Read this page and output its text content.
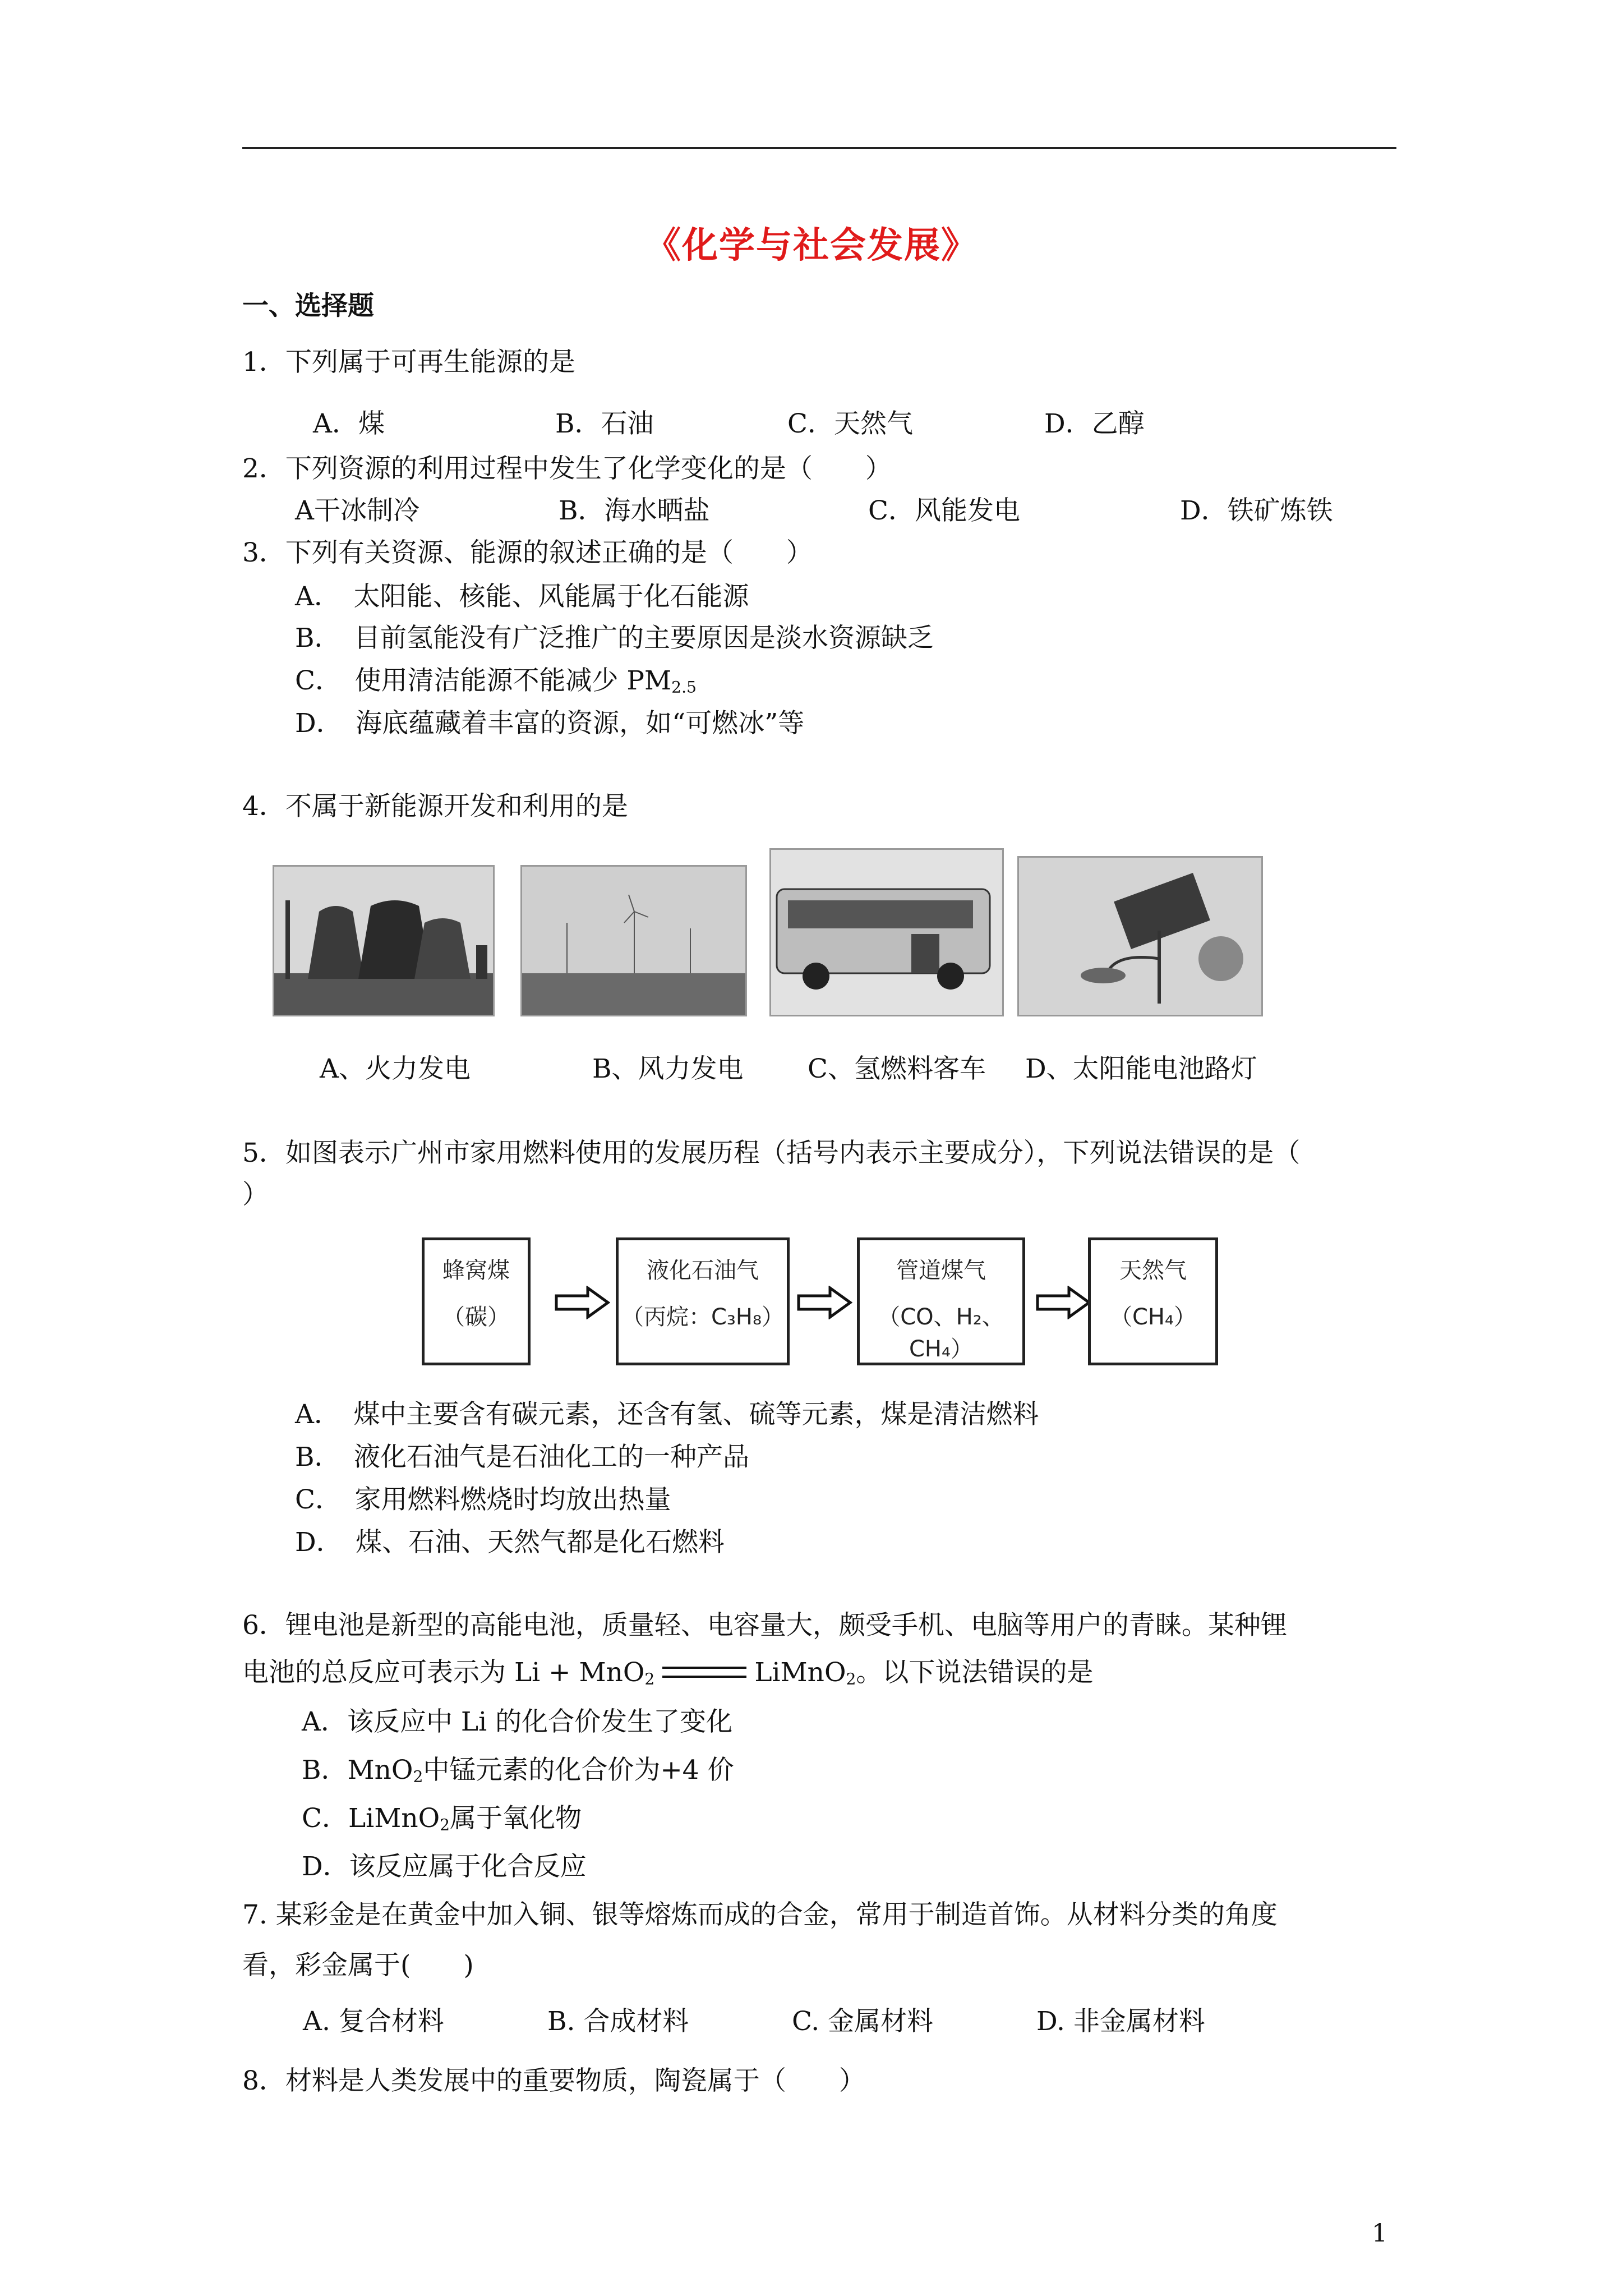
《化学与社会发展》
一、选择题
1．下列属于可再生能源的是
A．煤	B．石油	C．天然气	D．乙醇
2．下列资源的利用过程中发生了化学变化的是（　　）
A干冰制冷	B．海水晒盐	C．风能发电	D．铁矿炼铁
3．下列有关资源、能源的叙述正确的是（　　）
A．　太阳能、核能、风能属于化石能源
B．　目前氢能没有广泛推广的主要原因是淡水资源缺乏
C．　使用清洁能源不能减少 $PM_{2.5}$
D．　海底蕴藏着丰富的资源，如“可燃冰”等
4．不属于新能源开发和利用的是
A、火力发电	B、风力发电 C、氢燃料客车 D、太阳能电池路灯
5．如图表示广州市家用燃料使用的发展历程（括号内表示主要成分），下列说法错误的是（
）
蜂窝煤
（碳）
液化石油气
（丙烷：C₃H₈）
管道煤气
（CO、H₂、CH₄）
天然气
（CH₄）
A．　煤中主要含有碳元素，还含有氢、硫等元素，煤是清洁燃料
B．　液化石油气是石油化工的一种产品
C．　家用燃料燃烧时均放出热量
D．　煤、石油、天然气都是化石燃料
6．锂电池是新型的高能电池，质量轻、电容量大，颇受手机、电脑等用户的青睐。某种锂
电池的总反应可表示为 Li + MnO$_2$	LiMnO$_2$。以下说法错误的是
A．该反应中 Li 的化合价发生了变化
B．MnO$_2$中锰元素的化合价为+4 价
C．LiMnO$_2$属于氧化物
D．该反应属于化合反应
7. 某彩金是在黄金中加入铜、银等熔炼而成的合金，常用于制造首饰。从材料分类的角度
看，彩金属于(　　)
A. 复合材料	B. 合成材料	C. 金属材料	D. 非金属材料
8．材料是人类发展中的重要物质，陶瓷属于（　　）
1
